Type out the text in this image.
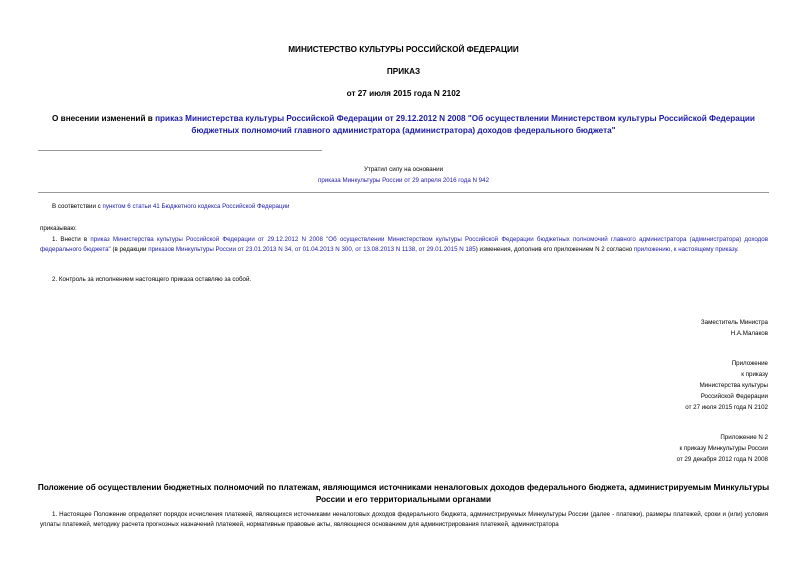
МИНИСТЕРСТВО КУЛЬТУРЫ РОССИЙСКОЙ ФЕДЕРАЦИИ
ПРИКАЗ
от 27 июля 2015 года N 2102
О внесении изменений в приказ Министерства культуры Российской Федерации от 29.12.2012 N 2008 "Об осуществлении Министерством культуры Российской Федерации бюджетных полномочий главного администратора (администратора) доходов федерального бюджета"
Утратил силу на основании
приказа Минкультуры России от 29 апреля 2016 года N 942
В соответствии с пунктом 6 статьи 41 Бюджетного кодекса Российской Федерации
приказываю:
1. Внести в приказ Министерства культуры Российской Федерации от 29.12.2012 N 2008 "Об осуществлении Министерством культуры Российской Федерации бюджетных полномочий главного администратора (администратора) доходов федерального бюджета" (в редакции приказов Минкультуры России от 23.01.2013 N 34, от 01.04.2013 N 300, от 13.08.2013 N 1138, от 29.01.2015 N 185) изменения, дополнив его приложением N 2 согласно приложению, к настоящему приказу.
2. Контроль за исполнением настоящего приказа оставляю за собой.
Заместитель Министра
Н.А.Малаков
Приложение
к приказу
Министерства культуры
Российской Федерации
от 27 июля 2015 года N 2102
Приложение N 2
к приказу Минкультуры России
от 29 декабря 2012 года N 2008
Положение об осуществлении бюджетных полномочий по платежам, являющимся источниками неналоговых доходов федерального бюджета, администрируемым Минкультуры России и его территориальными органами
1. Настоящее Положение определяет порядок исчисления платежей, являющихся источниками неналоговых доходов федерального бюджета, администрируемых Минкультуры России (далее - платежи), размеры платежей, сроки и (или) условия уплаты платежей, методику расчета прогнозных назначений платежей, нормативные правовые акты, являющиеся основанием для администрирования платежей, администратора
